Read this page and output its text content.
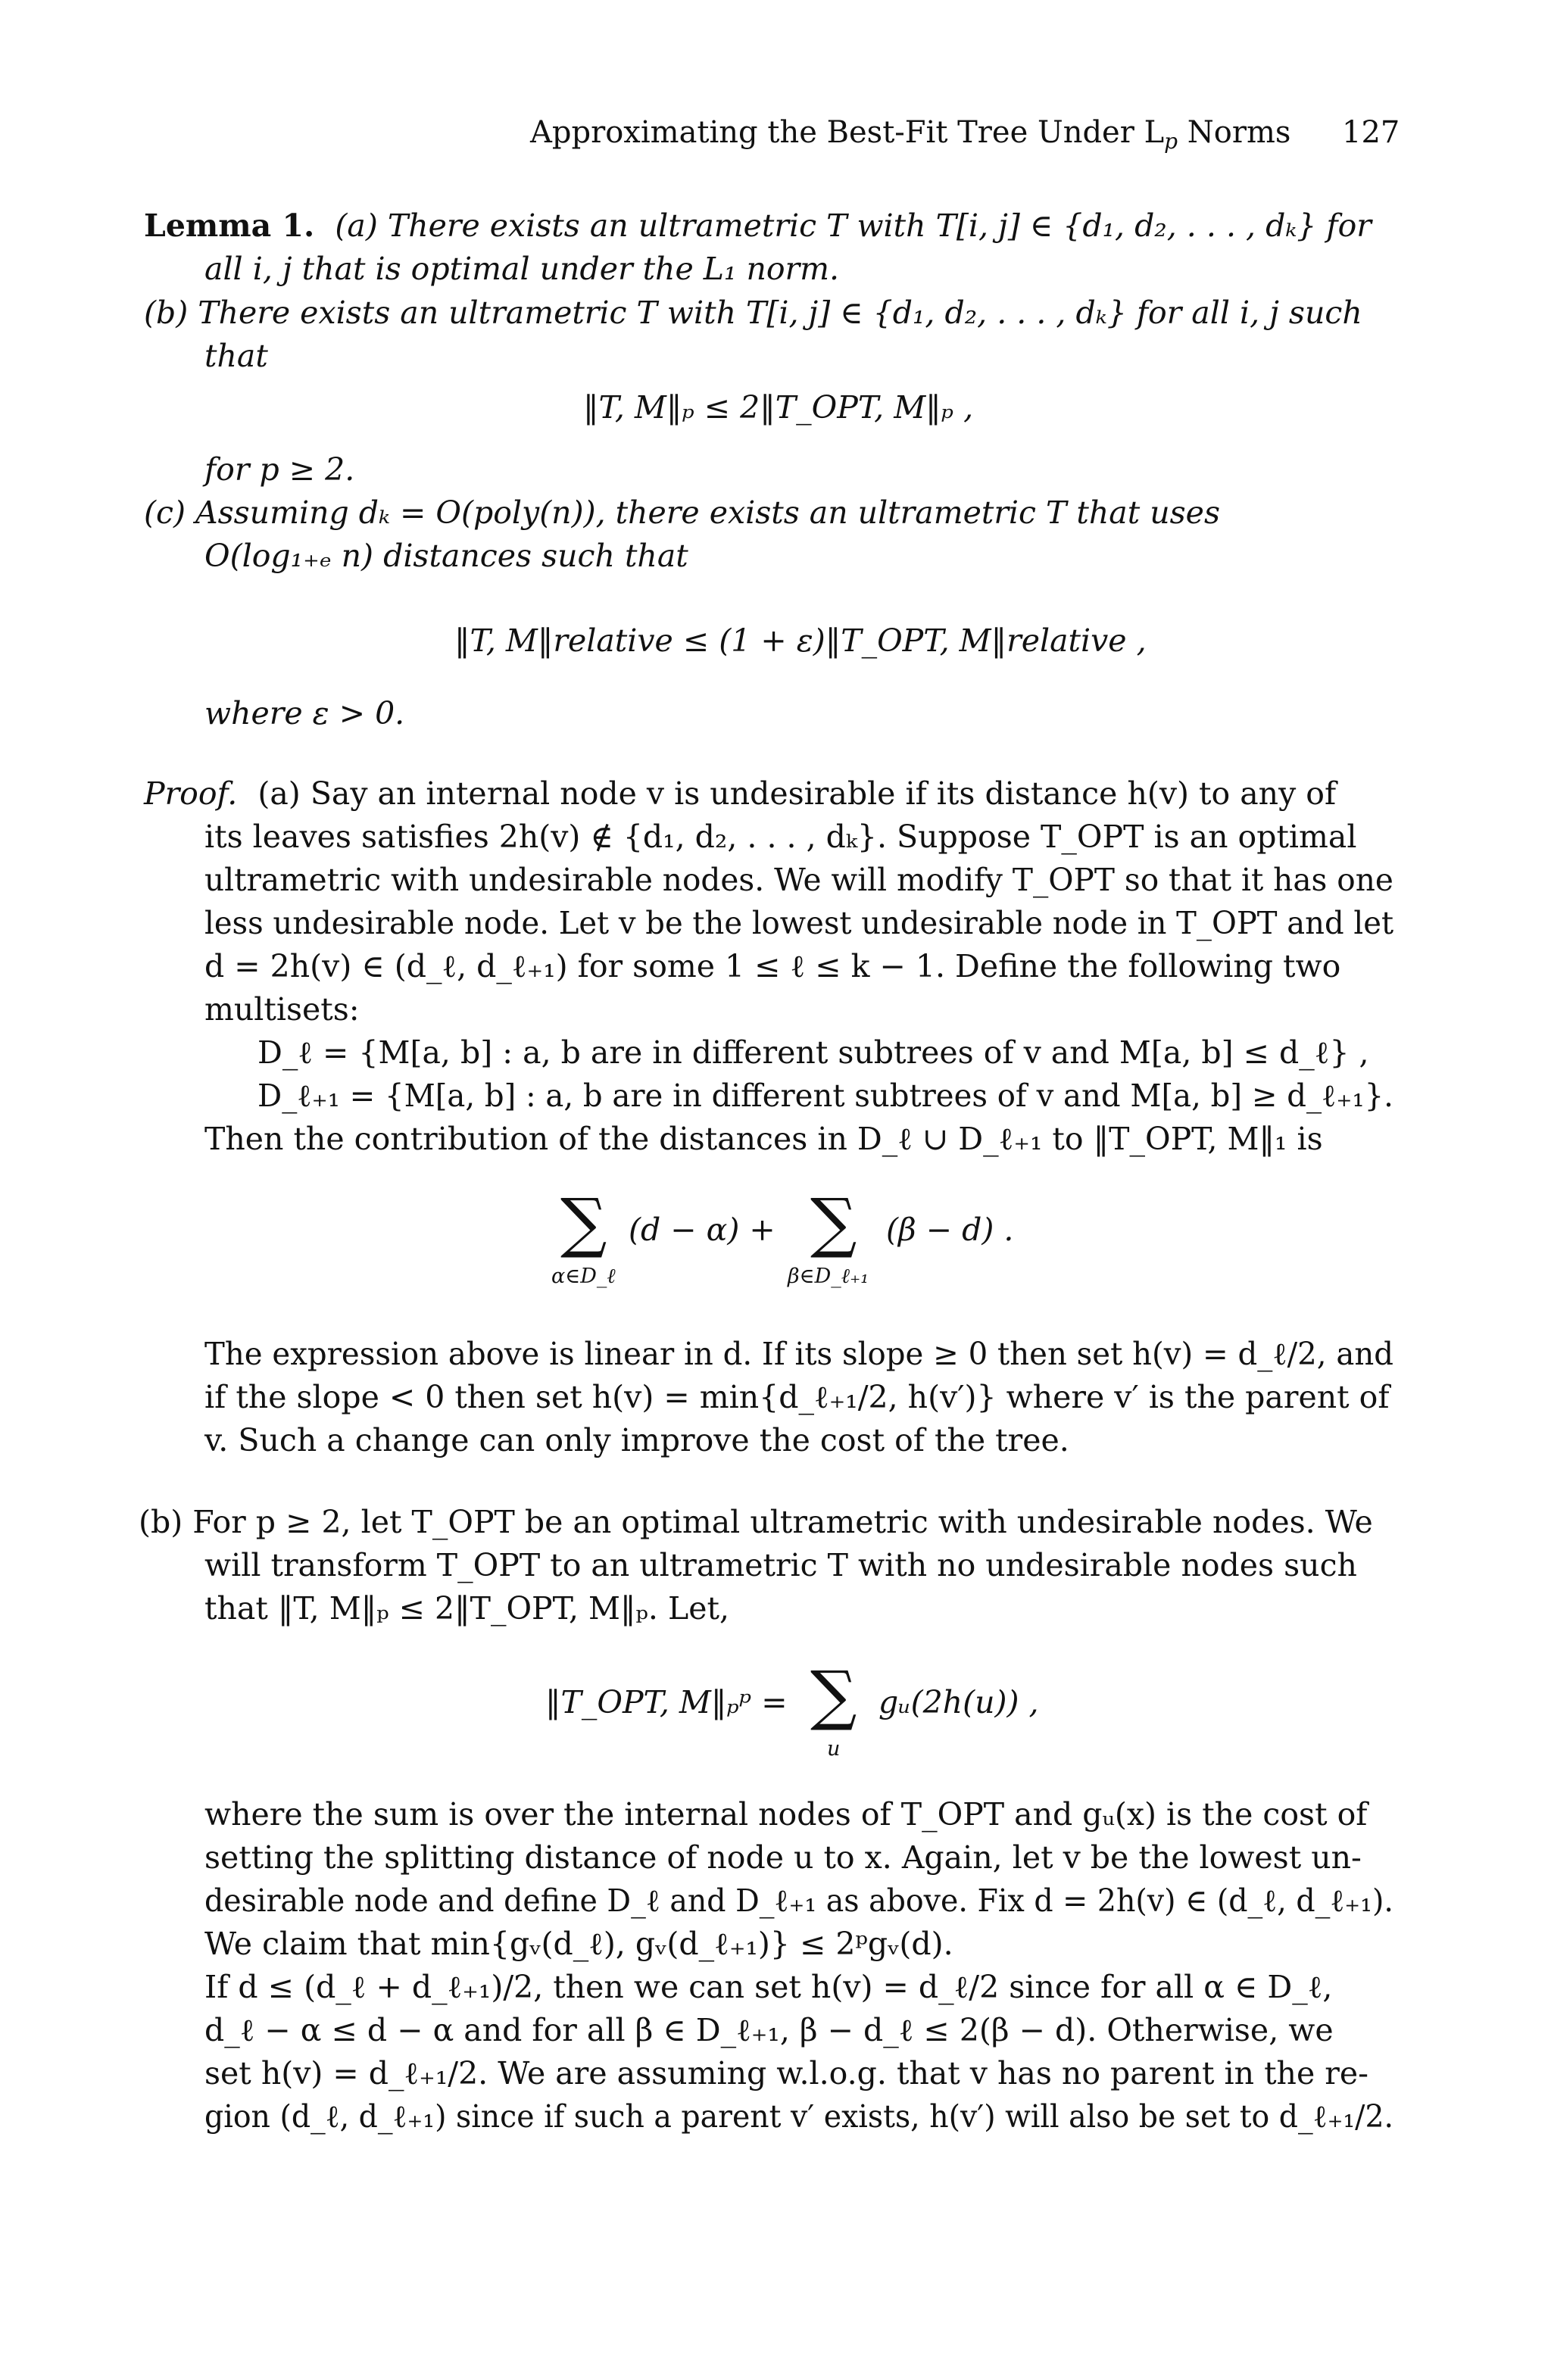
Approximating the Best-Fit Tree Under $L_p$ Norms	127
Lemma 1. (a) There exists an ultrametric T with T[i, j] ∈ {d₁, d₂, . . . , dₖ} for
all i, j that is optimal under the L₁ norm.
(b) There exists an ultrametric T with T[i, j] ∈ {d₁, d₂, . . . , dₖ} for all i, j such
that
‖T, M‖ₚ ≤ 2‖T_OPT, M‖ₚ ,
for p ≥ 2.
(c) Assuming dₖ = O(poly(n)), there exists an ultrametric T that uses
O(log₁₊ₑ n) distances such that
‖T, M‖relative ≤ (1 + ε)‖T_OPT, M‖relative ,
where ε > 0.
Proof. (a) Say an internal node v is undesirable if its distance h(v) to any of
its leaves satisfies 2h(v) ∉ {d₁, d₂, . . . , dₖ}. Suppose T_OPT is an optimal
ultrametric with undesirable nodes. We will modify T_OPT so that it has one
less undesirable node. Let v be the lowest undesirable node in T_OPT and let
d = 2h(v) ∈ (d_ℓ, d_ℓ₊₁) for some 1 ≤ ℓ ≤ k − 1. Define the following two
multisets:
D_ℓ = {M[a, b] : a, b are in different subtrees of v and M[a, b] ≤ d_ℓ} ,
D_ℓ₊₁ = {M[a, b] : a, b are in different subtrees of v and M[a, b] ≥ d_ℓ₊₁}.
Then the contribution of the distances in D_ℓ ∪ D_ℓ₊₁ to ‖T_OPT, M‖₁ is
∑ (d − α) + ∑ (β − d) .
α∈D_ℓ	β∈D_ℓ₊₁
The expression above is linear in d. If its slope ≥ 0 then set h(v) = d_ℓ/2, and
if the slope < 0 then set h(v) = min{d_ℓ₊₁/2, h(v′)} where v′ is the parent of
v. Such a change can only improve the cost of the tree.
(b) For p ≥ 2, let T_OPT be an optimal ultrametric with undesirable nodes. We
will transform T_OPT to an ultrametric T with no undesirable nodes such
that ‖T, M‖ₚ ≤ 2‖T_OPT, M‖ₚ. Let,
‖T_OPT, M‖ₚᵖ = ∑ gᵤ(2h(u)) ,
u
where the sum is over the internal nodes of T_OPT and gᵤ(x) is the cost of
setting the splitting distance of node u to x. Again, let v be the lowest un-
desirable node and define D_ℓ and D_ℓ₊₁ as above. Fix d = 2h(v) ∈ (d_ℓ, d_ℓ₊₁).
We claim that min{gᵥ(d_ℓ), gᵥ(d_ℓ₊₁)} ≤ 2ᵖgᵥ(d).
If d ≤ (d_ℓ + d_ℓ₊₁)/2, then we can set h(v) = d_ℓ/2 since for all α ∈ D_ℓ,
d_ℓ − α ≤ d − α and for all β ∈ D_ℓ₊₁, β − d_ℓ ≤ 2(β − d). Otherwise, we
set h(v) = d_ℓ₊₁/2. We are assuming w.l.o.g. that v has no parent in the re-
gion (d_ℓ, d_ℓ₊₁) since if such a parent v′ exists, h(v′) will also be set to d_ℓ₊₁/2.
